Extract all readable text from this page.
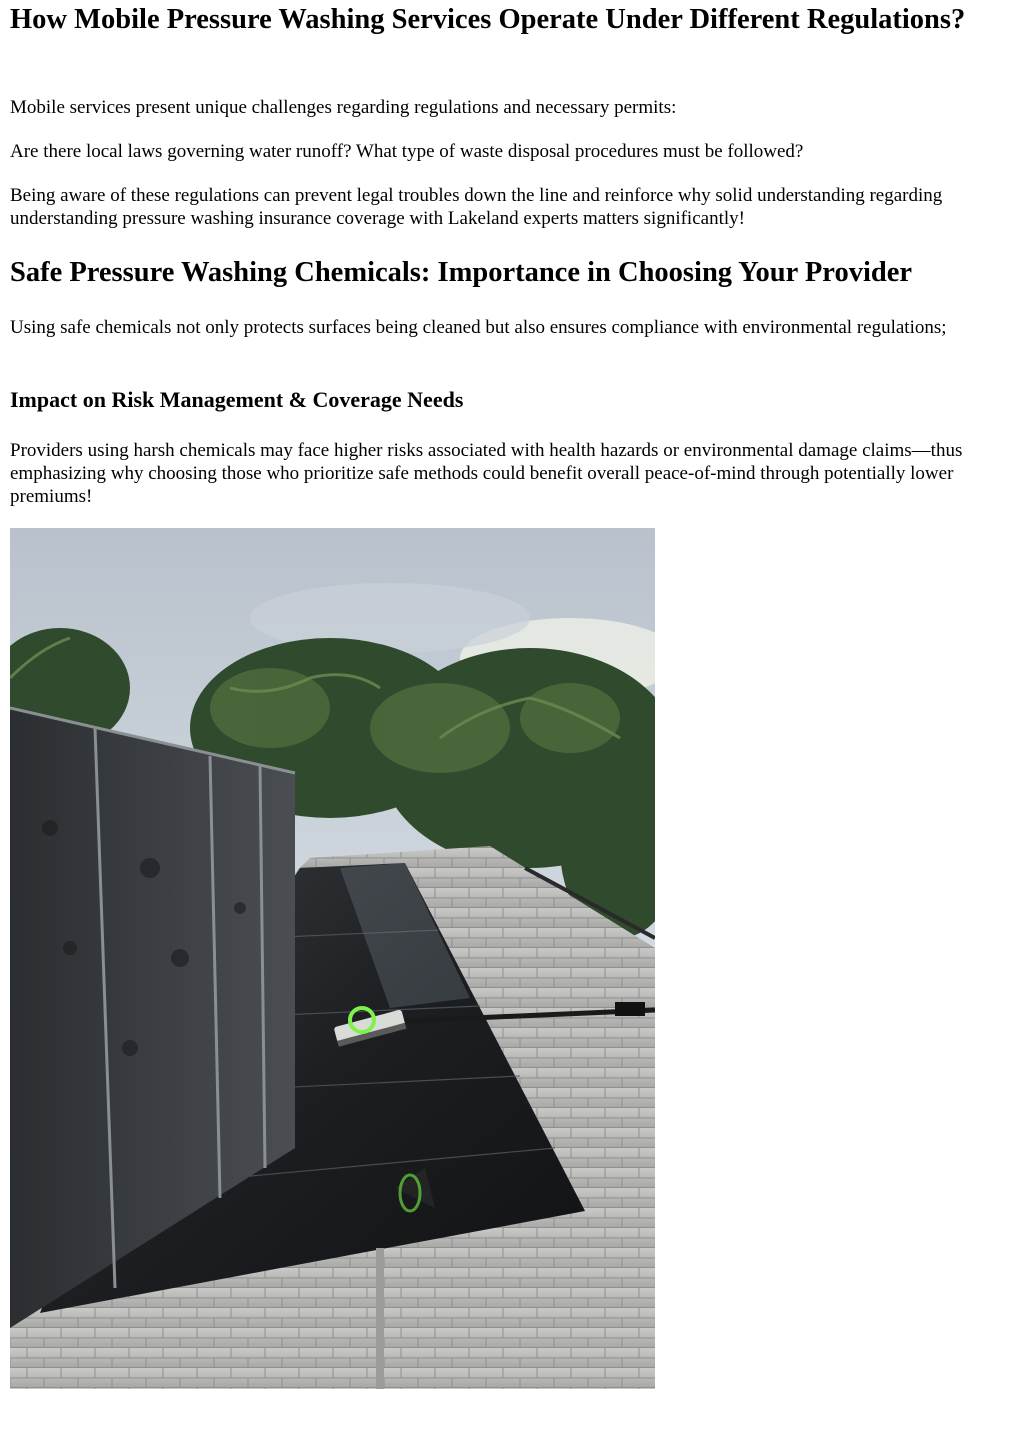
How Mobile Pressure Washing Services Operate Under Different Regulations?

Mobile services present unique challenges regarding regulations and necessary permits:

Are there local laws governing water runoff? What type of waste disposal procedures must be followed?

Being aware of these regulations can prevent legal troubles down the line and reinforce why solid understanding regarding understanding pressure washing insurance coverage with Lakeland experts matters significantly!

Safe Pressure Washing Chemicals: Importance in Choosing Your Provider

Using safe chemicals not only protects surfaces being cleaned but also ensures compliance with environmental regulations;

Impact on Risk Management & Coverage Needs

Providers using harsh chemicals may face higher risks associated with health hazards or environmental damage claims—thus emphasizing why choosing those who prioritize safe methods could benefit overall peace-of-mind through potentially lower premiums!
